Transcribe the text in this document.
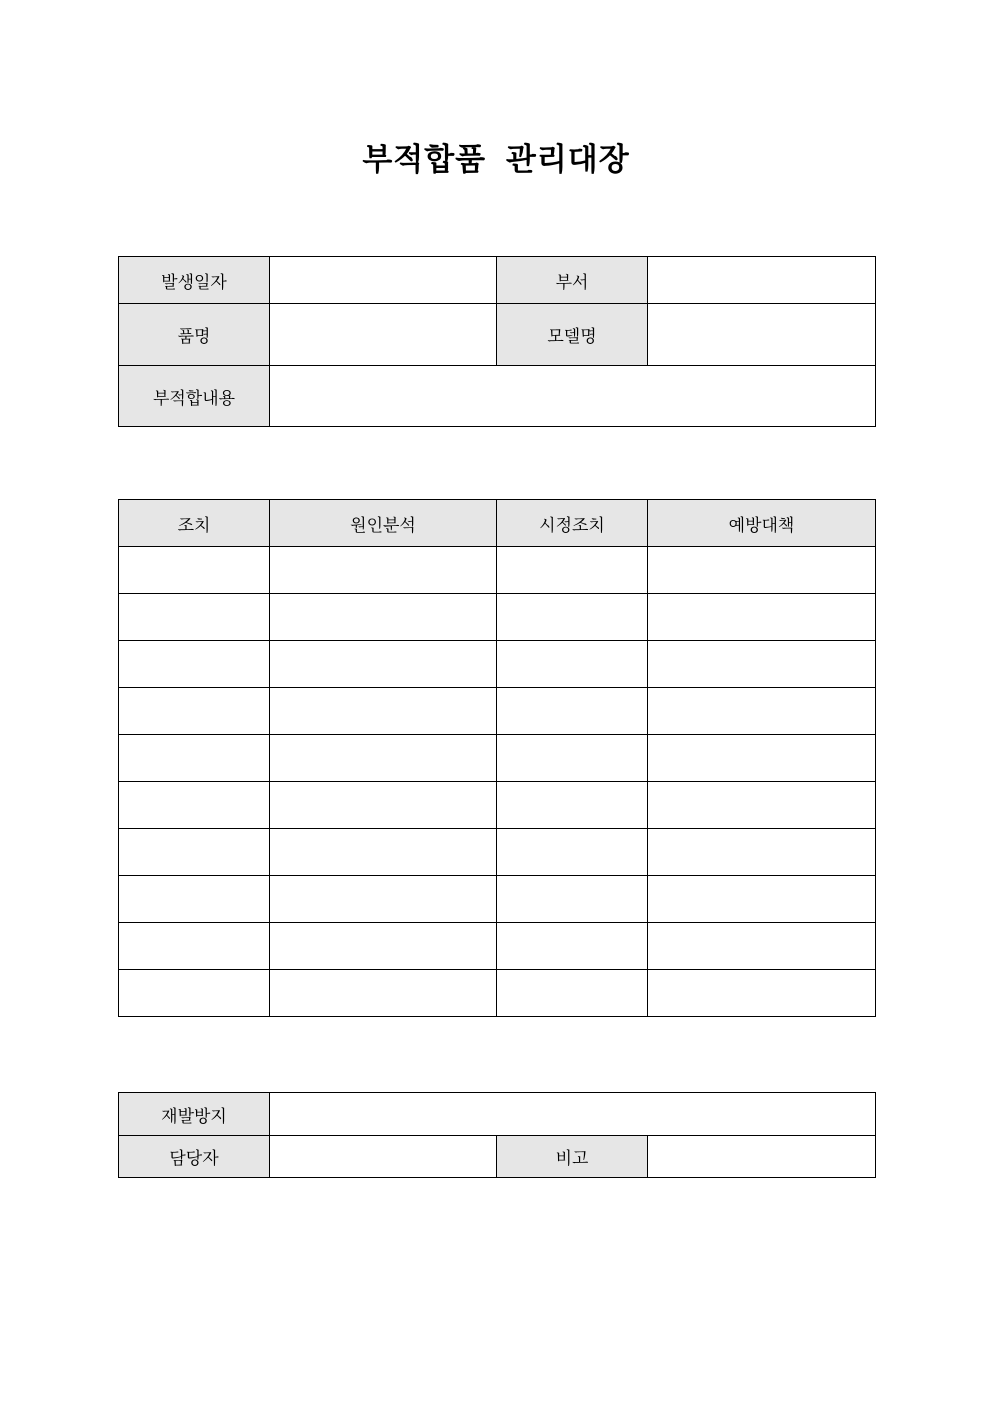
부적합품 관리대장
발생일자		부서	
품명		모델명	
부적합내용			
조치	원인분석	시정조치	예방대책

재발방지			
담당자		비고	
